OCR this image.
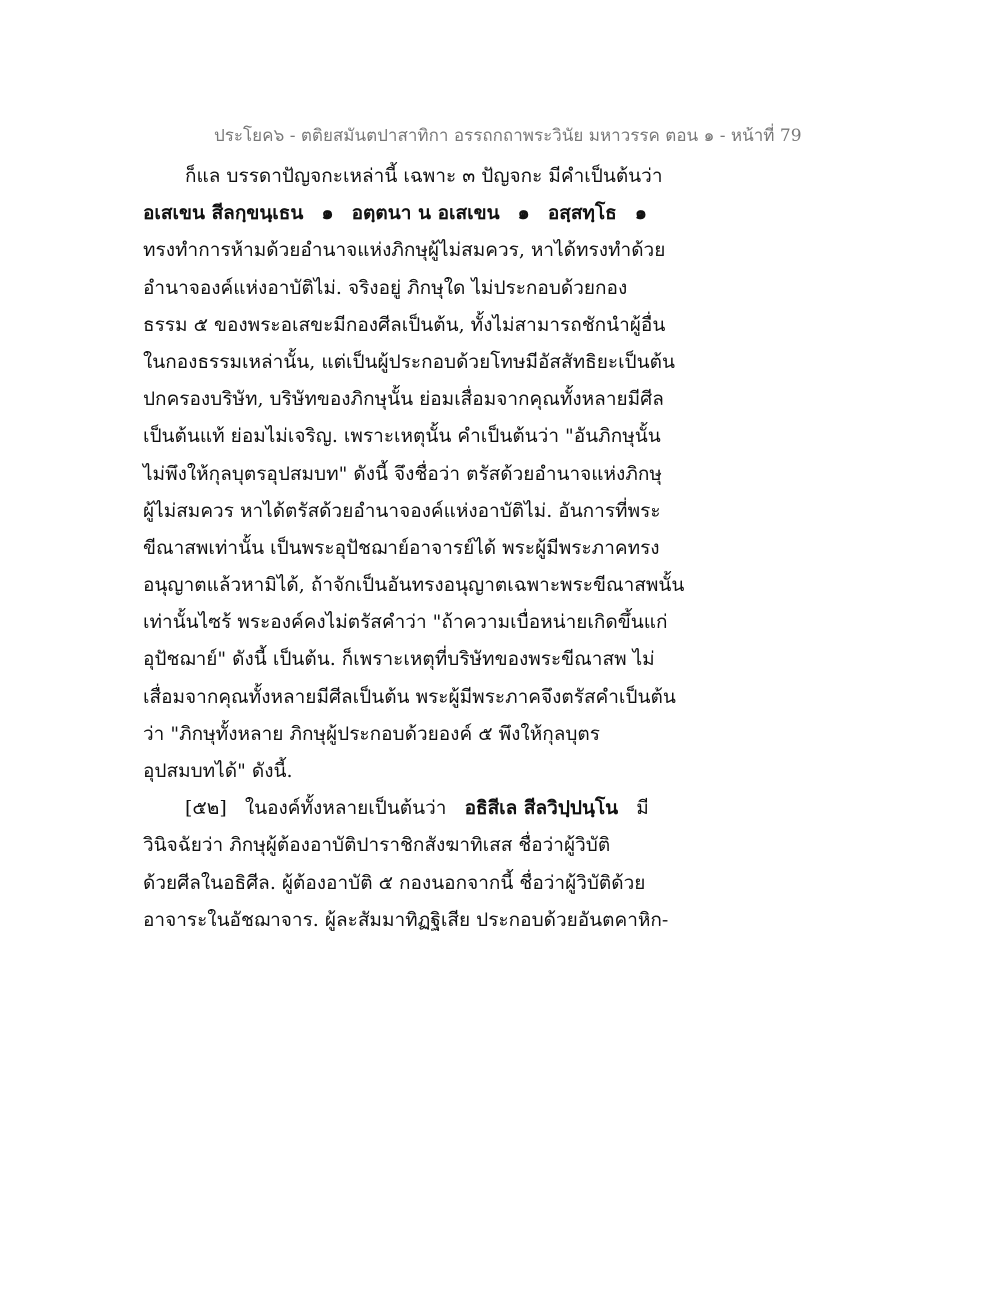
ประโยค๖ - ตติยสมันตปาสาทิกา อรรถกถาพระวินัย มหาวรรค ตอน ๑ - หน้าที่ 79
ก็แล บรรดาปัญจกะเหล่านี้ เฉพาะ ๓ ปัญจกะ มีคำเป็นต้นว่า
อเสเขน สีลกฺขนฺเธน ๑ อตฺตนา น อเสเขน ๑ อสฺสทฺโธ ๑
ทรงทำการห้ามด้วยอำนาจแห่งภิกษุผู้ไม่สมควร, หาได้ทรงทำด้วย
อำนาจองค์แห่งอาบัติไม่. จริงอยู่ ภิกษุใด ไม่ประกอบด้วยกอง
ธรรม ๕ ของพระอเสขะมีกองศีลเป็นต้น, ทั้งไม่สามารถชักนำผู้อื่น
ในกองธรรมเหล่านั้น, แต่เป็นผู้ประกอบด้วยโทษมีอัสสัทธิยะเป็นต้น
ปกครองบริษัท, บริษัทของภิกษุนั้น ย่อมเสื่อมจากคุณทั้งหลายมีศีล
เป็นต้นแท้ ย่อมไม่เจริญ. เพราะเหตุนั้น คำเป็นต้นว่า "อันภิกษุนั้น
ไม่พึงให้กุลบุตรอุปสมบท" ดังนี้ จึงชื่อว่า ตรัสด้วยอำนาจแห่งภิกษุ
ผู้ไม่สมควร หาได้ตรัสด้วยอำนาจองค์แห่งอาบัติไม่. อันการที่พระ
ขีณาสพเท่านั้น เป็นพระอุปัชฌาย์อาจารย์ได้ พระผู้มีพระภาคทรง
อนุญาตแล้วหามิได้, ถ้าจักเป็นอันทรงอนุญาตเฉพาะพระขีณาสพนั้น
เท่านั้นไซร้ พระองค์คงไม่ตรัสคำว่า "ถ้าความเบื่อหน่ายเกิดขึ้นแก่
อุปัชฌาย์" ดังนี้ เป็นต้น. ก็เพราะเหตุที่บริษัทของพระขีณาสพ ไม่
เสื่อมจากคุณทั้งหลายมีศีลเป็นต้น พระผู้มีพระภาคจึงตรัสคำเป็นต้น
ว่า "ภิกษุทั้งหลาย ภิกษุผู้ประกอบด้วยองค์ ๕ พึงให้กุลบุตร
อุปสมบทได้" ดังนี้.
[๕๒] ในองค์ทั้งหลายเป็นต้นว่า อธิสีเล สีลวิปฺปนฺโน มี
วินิจฉัยว่า ภิกษุผู้ต้องอาบัติปาราชิกสังฆาทิเสส ชื่อว่าผู้วิบัติ
ด้วยศีลในอธิศีล. ผู้ต้องอาบัติ ๕ กองนอกจากนี้ ชื่อว่าผู้วิบัติด้วย
อาจาระในอัชฌาจาร. ผู้ละสัมมาทิฏฐิเสีย ประกอบด้วยอันตคาหิก-
